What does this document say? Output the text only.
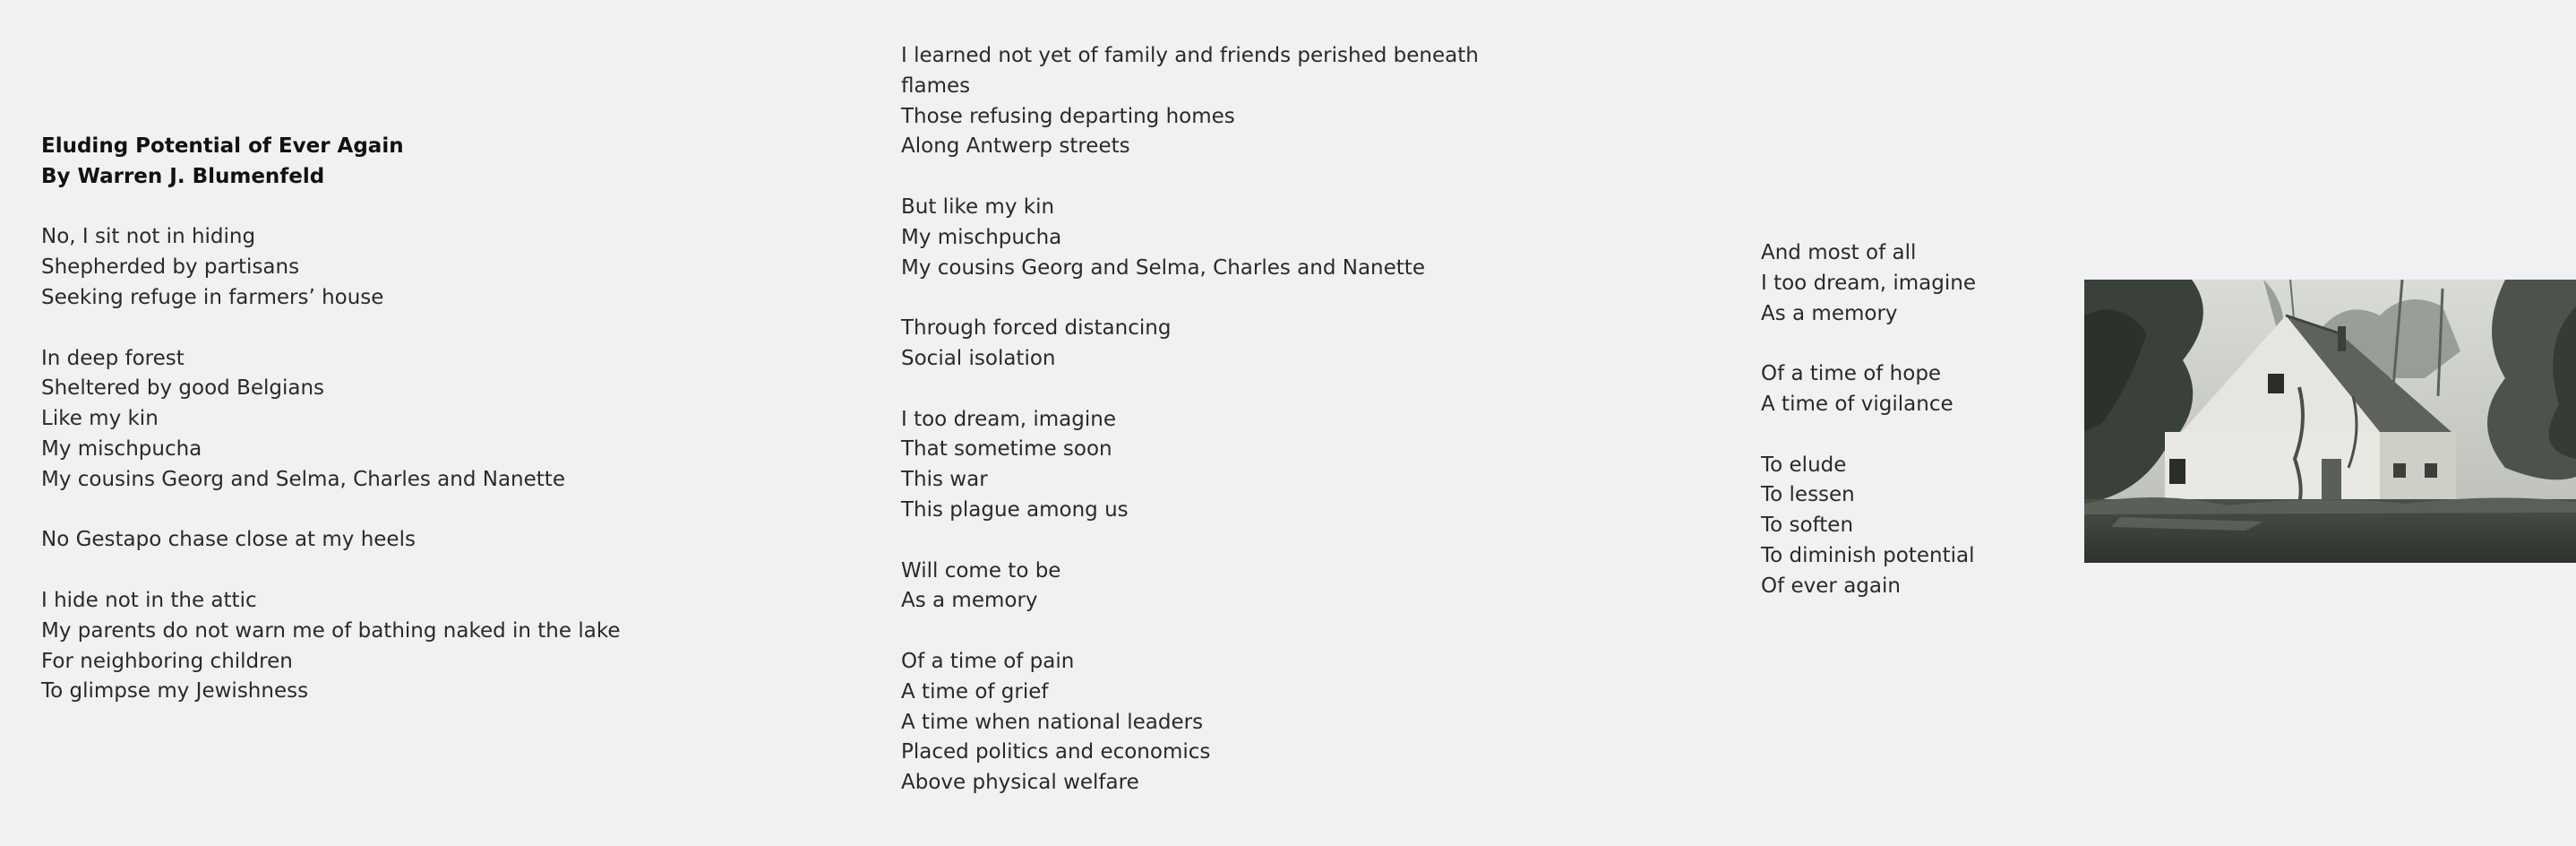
Eluding Potential of Ever Again
By Warren J. Blumenfeld
No, I sit not in hiding
Shepherded by partisans
Seeking refuge in farmers’ house
In deep forest
Sheltered by good Belgians
Like my kin
My mischpucha
My cousins Georg and Selma, Charles and Nanette
No Gestapo chase close at my heels
I hide not in the attic
My parents do not warn me of bathing naked in the lake
For neighboring children
To glimpse my Jewishness
I learned not yet of family and friends perished beneath
flames
Those refusing departing homes
Along Antwerp streets
But like my kin
My mischpucha
My cousins Georg and Selma, Charles and Nanette
Through forced distancing
Social isolation
I too dream, imagine
That sometime soon
This war
This plague among us
Will come to be
As a memory
Of a time of pain
A time of grief
A time when national leaders
Placed politics and economics
Above physical welfare
And most of all
I too dream, imagine
As a memory
Of a time of hope
A time of vigilance
To elude
To lessen
To soften
To diminish potential
Of ever again
